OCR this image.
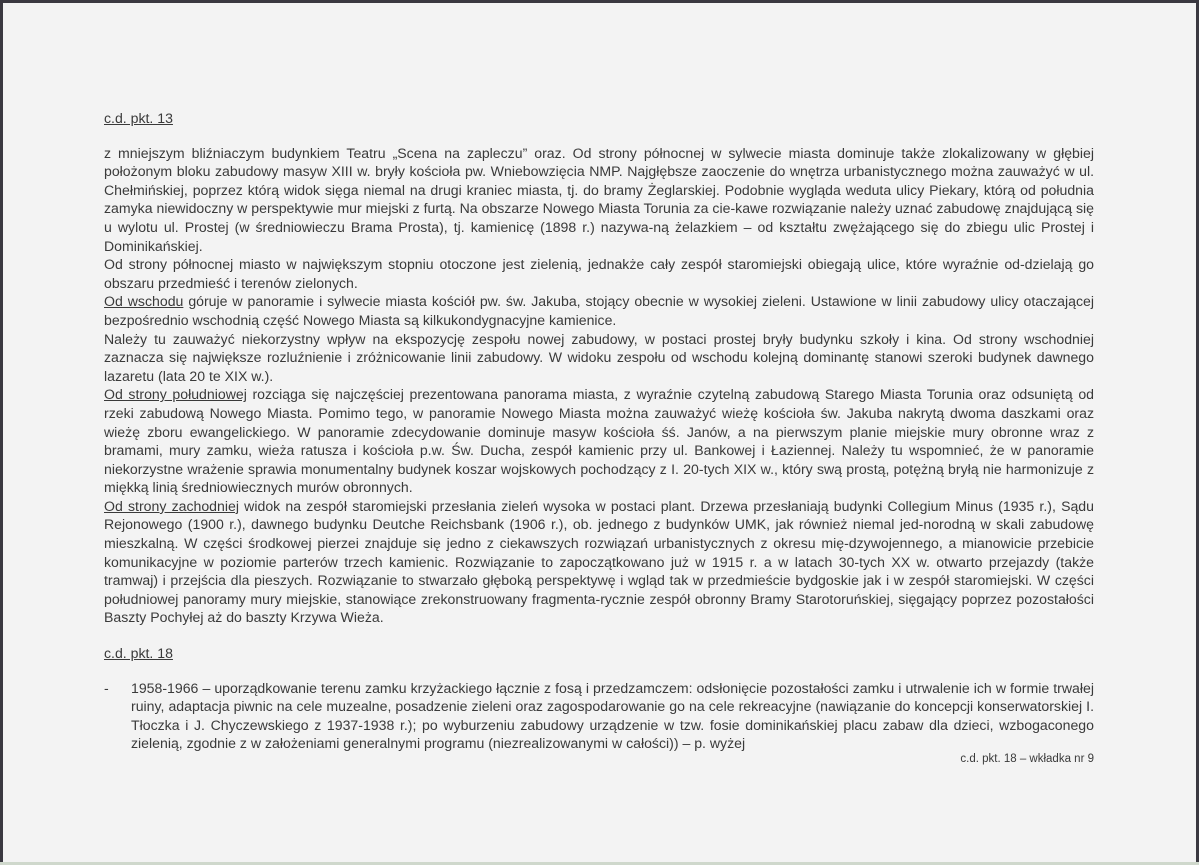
c.d. pkt. 13

z mniejszym bliźniaczym budynkiem Teatru „Scena na zapleczu” oraz. Od strony północnej w sylwecie miasta dominuje także zlokalizowany w głębiej położonym bloku zabudowy masyw XIII w. bryły kościoła pw. Wniebowzięcia NMP. Najgłębsze zaoczenie do wnętrza urbanistycznego można zauważyć w ul. Chełmińskiej, poprzez którą widok sięga niemal na drugi kraniec miasta, tj. do bramy Żeglarskiej. Podobnie wygląda weduta ulicy Piekary, którą od południa zamyka niewidoczny w perspektywie mur miejski z furtą. Na obszarze Nowego Miasta Torunia za cie-kawe rozwiązanie należy uznać zabudowę znajdującą się u wylotu ul. Prostej (w średniowieczu Brama Prosta), tj. kamienicę (1898 r.) nazywa-ną żelazkiem – od kształtu zwężającego się do zbiegu ulic Prostej i Dominikańskiej.

Od strony północnej miasto w największym stopniu otoczone jest zielenią, jednakże cały zespół staromiejski obiegają ulice, które wyraźnie od-dzielają go obszaru przedmieść i terenów zielonych.

Od wschodu góruje w panoramie i sylwecie miasta kościół pw. św. Jakuba, stojący obecnie w wysokiej zieleni. Ustawione w linii zabudowy ulicy otaczającej bezpośrednio wschodnią część Nowego Miasta są kilkukondygnacyjne kamienice.

Należy tu zauważyć niekorzystny wpływ na ekspozycję zespołu nowej zabudowy, w postaci prostej bryły budynku szkoły i kina. Od strony wschodniej zaznacza się największe rozluźnienie i zróżnicowanie linii zabudowy. W widoku zespołu od wschodu kolejną dominantę stanowi szeroki budynek dawnego lazaretu (lata 20 te XIX w.).

Od strony południowej rozciąga się najczęściej prezentowana panorama miasta, z wyraźnie czytelną zabudową Starego Miasta Torunia oraz odsuniętą od rzeki zabudową Nowego Miasta. Pomimo tego, w panoramie Nowego Miasta można zauważyć wieżę kościoła św. Jakuba nakrytą dwoma daszkami oraz wieżę zboru ewangelickiego. W panoramie zdecydowanie dominuje masyw kościoła śś. Janów, a na pierwszym planie miejskie mury obronne wraz z bramami, mury zamku, wieża ratusza i kościoła p.w. Św. Ducha, zespół kamienic przy ul. Bankowej i Łaziennej. Należy tu wspomnieć, że w panoramie niekorzystne wrażenie sprawia monumentalny budynek koszar wojskowych pochodzący z I. 20-tych XIX w., który swą prostą, potężną bryłą nie harmonizuje z miękką linią średniowiecznych murów obronnych.

Od strony zachodniej widok na zespół staromiejski przesłania zieleń wysoka w postaci plant. Drzewa przesłaniają budynki Collegium Minus (1935 r.), Sądu Rejonowego (1900 r.), dawnego budynku Deutche Reichsbank (1906 r.), ob. jednego z budynków UMK, jak również niemal jed-norodną w skali zabudowę mieszkalną. W części środkowej pierzei znajduje się jedno z ciekawszych rozwiązań urbanistycznych z okresu mię-dzywojennego, a mianowicie przebicie komunikacyjne w poziomie parterów trzech kamienic. Rozwiązanie to zapoczątkowano już w 1915 r. a w latach 30-tych XX w. otwarto przejazdy (także tramwaj) i przejścia dla pieszych. Rozwiązanie to stwarzało głęboką perspektywę i wgląd tak w przedmieście bydgoskie jak i w zespół staromiejski. W części południowej panoramy mury miejskie, stanowiące zrekonstruowany fragmenta-rycznie zespół obronny Bramy Starotoruńskiej, sięgający poprzez pozostałości Baszty Pochyłej aż do baszty Krzywa Wieża.

c.d. pkt. 18

- 1958-1966 – uporządkowanie terenu zamku krzyżackiego łącznie z fosą i przedzamczem: odsłonięcie pozostałości zamku i utrwalenie ich w formie trwałej ruiny, adaptacja piwnic na cele muzealne, posadzenie zieleni oraz zagospodarowanie go na cele rekreacyjne (nawiązanie do koncepcji konserwatorskiej I. Tłoczka i J. Chyczewskiego z 1937-1938 r.); po wyburzeniu zabudowy urządzenie w tzw. fosie dominikańskiej placu zabaw dla dzieci, wzbogaconego zielenią, zgodnie z w założeniami generalnymi programu (niezrealizowanymi w całości)) – p. wyżej
c.d. pkt. 18 – wkładka nr 9
